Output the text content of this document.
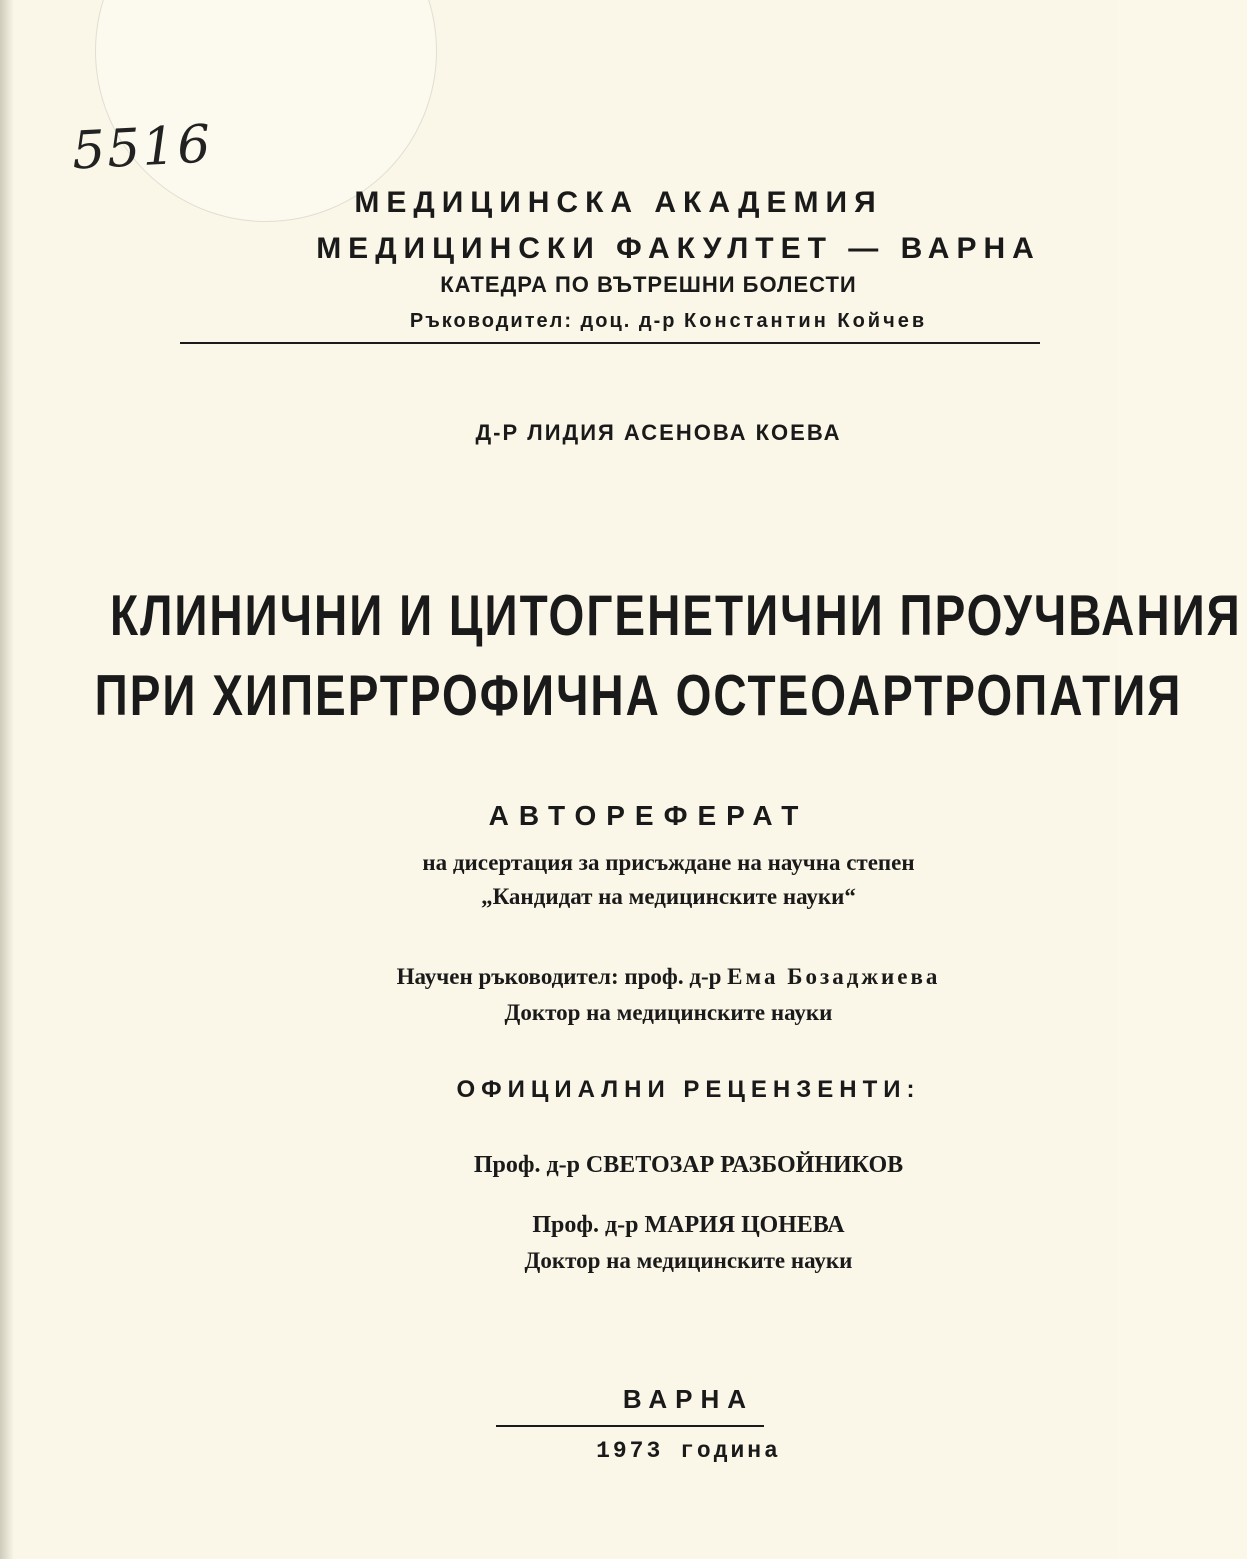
5516
МЕДИЦИНСКА АКАДЕМИЯ
МЕДИЦИНСКИ ФАКУЛТЕТ — ВАРНА
КАТЕДРА ПО ВЪТРЕШНИ БОЛЕСТИ
Ръководител: доц. д-р Константин Койчев
Д-Р ЛИДИЯ АСЕНОВА КОЕВА
КЛИНИЧНИ И ЦИТОГЕНЕТИЧНИ ПРОУЧВАНИЯ
ПРИ ХИПЕРТРОФИЧНА ОСТЕОАРТРОПАТИЯ
АВТОРЕФЕРАТ
на дисертация за присъждане на научна степен
„Кандидат на медицинските науки“
Научен ръководител: проф. д-р Ема Бозаджиева
Доктор на медицинските науки
ОФИЦИАЛНИ РЕЦЕНЗЕНТИ:
Проф. д-р СВЕТОЗАР РАЗБОЙНИКОВ
Проф. д-р МАРИЯ ЦОНЕВА
Доктор на медицинските науки
ВАРНА
1973 година
